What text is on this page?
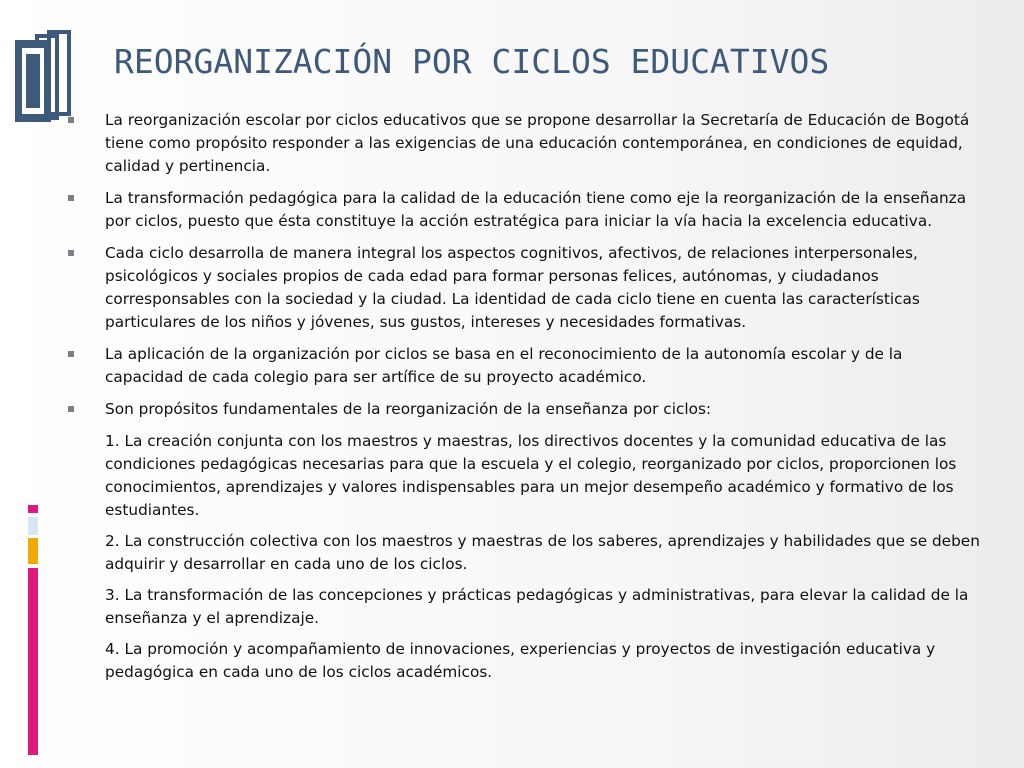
REORGANIZACIÓN POR CICLOS EDUCATIVOS
La reorganización escolar por ciclos educativos que se propone desarrollar la Secretaría de Educación de Bogotá tiene como propósito responder a las exigencias de una educación contemporánea, en condiciones de equidad, calidad y pertinencia.
La transformación pedagógica para la calidad de la educación tiene como eje la reorganización de la enseñanza por ciclos, puesto que ésta constituye la acción estratégica para iniciar la vía hacia la excelencia educativa.
Cada ciclo desarrolla de manera integral los aspectos cognitivos, afectivos, de relaciones interpersonales, psicológicos y sociales propios de cada edad para formar personas felices, autónomas, y ciudadanos corresponsables con la sociedad y la ciudad. La identidad de cada ciclo tiene en cuenta las características particulares de los niños y jóvenes, sus gustos, intereses y necesidades formativas.
La aplicación de la organización por ciclos se basa en el reconocimiento de la autonomía escolar y de la capacidad de cada colegio para ser artífice de su proyecto académico.
Son propósitos fundamentales de la reorganización de la enseñanza por ciclos:
1. La creación conjunta con los maestros y maestras, los directivos docentes y la comunidad educativa de las condiciones pedagógicas necesarias para que la escuela y el colegio, reorganizado por ciclos, proporcionen los conocimientos, aprendizajes y valores indispensables para un mejor desempeño académico y formativo de los estudiantes.
2. La construcción colectiva con los maestros y maestras de los saberes, aprendizajes y habilidades que se deben adquirir y desarrollar en cada uno de los ciclos.
3. La transformación de las concepciones y prácticas pedagógicas y administrativas, para elevar la calidad de la enseñanza y el aprendizaje.
4. La promoción y acompañamiento de innovaciones, experiencias y proyectos de investigación educativa y pedagógica en cada uno de los ciclos académicos.
